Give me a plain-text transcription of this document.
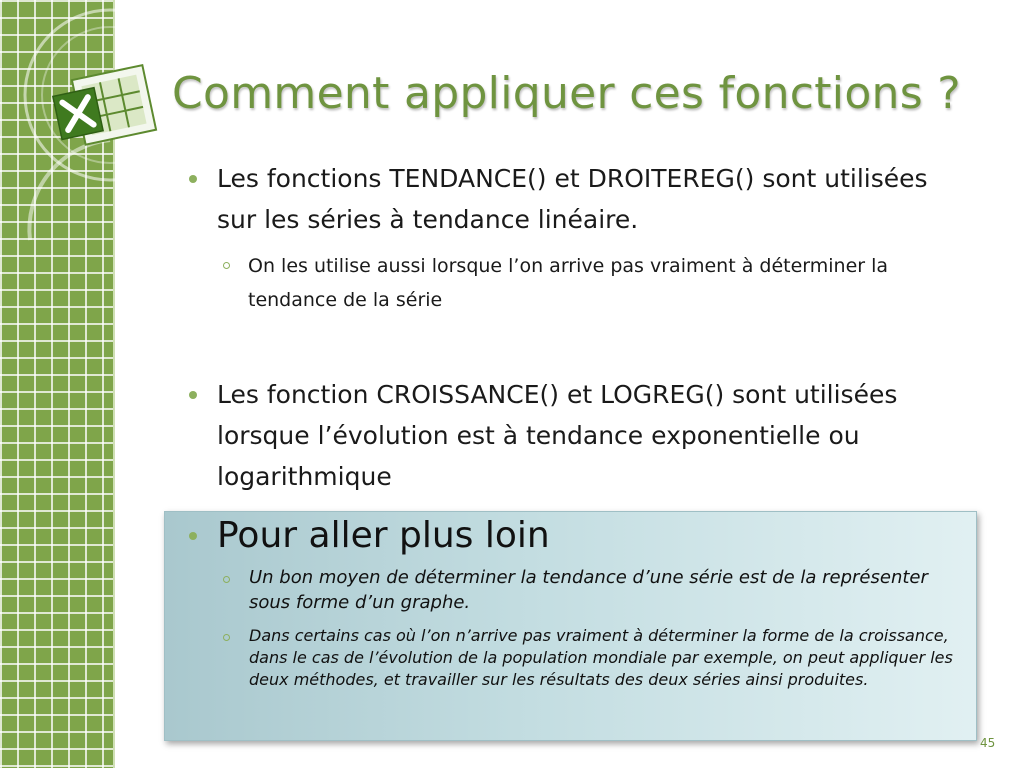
Comment appliquer ces fonctions ?
Les fonctions TENDANCE() et DROITEREG() sont utilisées sur les séries à tendance linéaire.
On les utilise aussi lorsque l’on arrive pas vraiment à déterminer la tendance de la série
Les fonction CROISSANCE() et LOGREG() sont utilisées lorsque l’évolution est à tendance exponentielle ou logarithmique
Pour aller plus loin
Un bon moyen de déterminer la tendance d’une série est de la représenter sous forme d’un graphe.
Dans certains cas où l’on n’arrive pas vraiment à déterminer la forme de la croissance, dans le cas de l’évolution de la population mondiale par exemple, on peut appliquer les deux méthodes, et travailler sur les résultats des deux séries ainsi produites.
45
